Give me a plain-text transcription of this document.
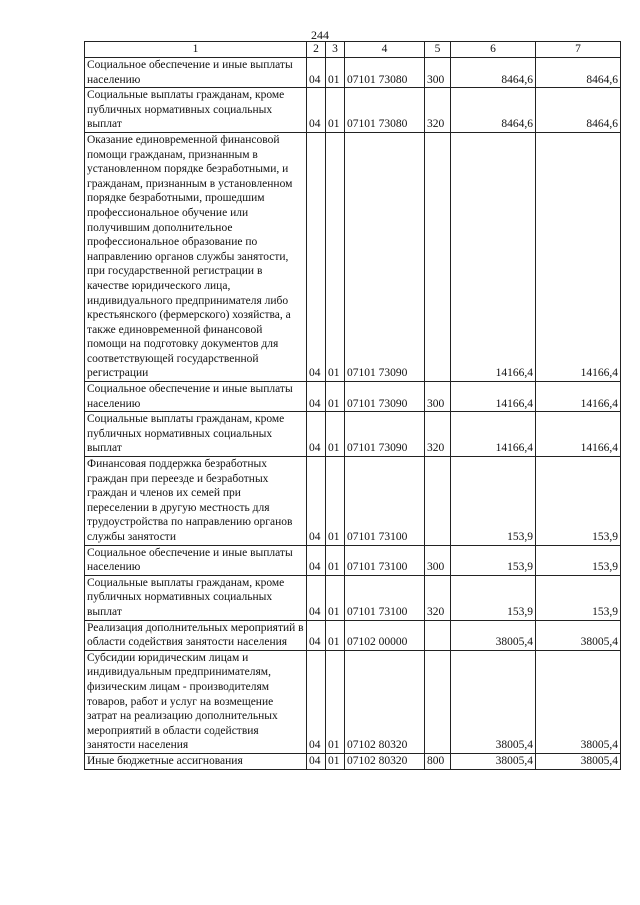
244
1	2	3	4	5	6	7
Социальное обеспечение и иные выплаты населению	04	01	07101 73080	300	8464,6	8464,6
Социальные выплаты гражданам, кроме публичных нормативных социальных выплат	04	01	07101 73080	320	8464,6	8464,6
Оказание единовременной финансовой помощи гражданам, признанным в установленном порядке безработными, и гражданам, признанным в установленном порядке безработными, прошедшим профессиональное обучение или получившим дополнительное профессиональное образование по направлению органов службы занятости, при государственной регистрации в качестве юридического лица, индивидуального предпринимателя либо крестьянского (фермерского) хозяйства, а также единовременной финансовой помощи на подготовку документов для соответствующей государственной регистрации	04	01	07101 73090		14166,4	14166,4
Социальное обеспечение и иные выплаты населению	04	01	07101 73090	300	14166,4	14166,4
Социальные выплаты гражданам, кроме публичных нормативных социальных выплат	04	01	07101 73090	320	14166,4	14166,4
Финансовая поддержка безработных граждан при переезде и безработных граждан и членов их семей при переселении в другую местность для трудоустройства по направлению органов службы занятости	04	01	07101 73100		153,9	153,9
Социальное обеспечение и иные выплаты населению	04	01	07101 73100	300	153,9	153,9
Социальные выплаты гражданам, кроме публичных нормативных социальных выплат	04	01	07101 73100	320	153,9	153,9
Реализация дополнительных мероприятий в области содействия занятости населения	04	01	07102 00000		38005,4	38005,4
Субсидии юридическим лицам и индивидуальным предпринимателям, физическим лицам - производителям товаров, работ и услуг на возмещение затрат на реализацию дополнительных мероприятий в области содействия занятости населения	04	01	07102 80320		38005,4	38005,4
Иные бюджетные ассигнования	04	01	07102 80320	800	38005,4	38005,4
